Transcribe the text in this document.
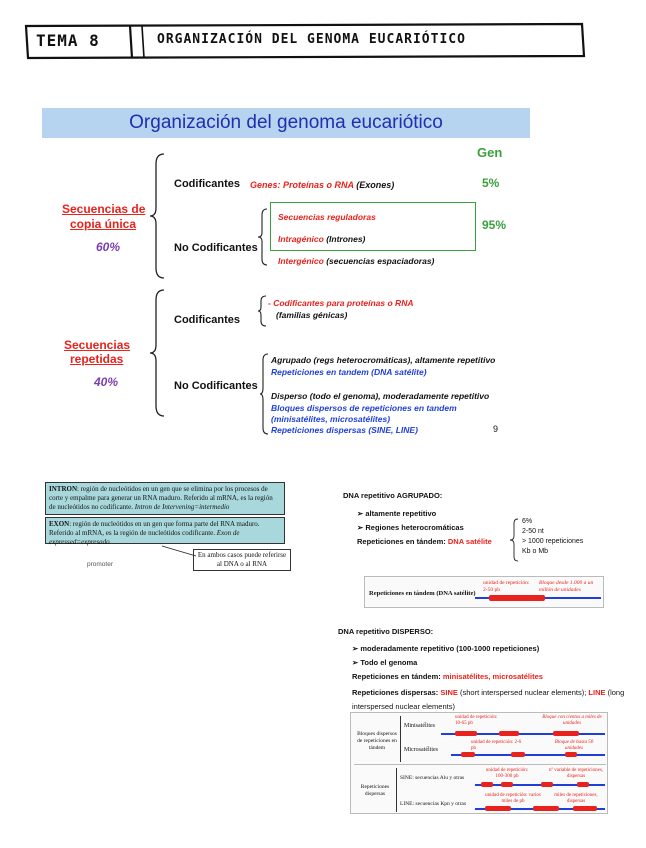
TEMA 8	ORGANIZACIÓN DEL GENOMA EUCARIÓTICO
Organización del genoma eucariótico
Gen
Secuencias de
copia única
60%
Codificantes Genes: Proteínas o RNA (Exones)	5%
No Codificantes
Secuencias reguladoras
Intragénico (Intrones)
Intergénico (secuencias espaciadoras)
95%
Secuencias
repetidas
40%
Codificantes
- Codificantes para proteínas o RNA
(familias génicas)
No Codificantes
Agrupado (regs heterocromáticas), altamente repetitivo
Repeticiones en tandem (DNA satélite)
Disperso (todo el genoma), moderadamente repetitivo
Bloques dispersos de repeticiones en tandem
(minisatélites, microsatélites)
Repeticiones dispersas (SINE, LINE)	9
INTRON: región de nucleótidos en un gen que se elimina por los procesos de corte y empalme para generar un RNA maduro. Referido al mRNA, es la región de nucleótidos no codificante. Intron de Intervening=intermedio
EXON: región de nucleótidos en un gen que forma parte del RNA maduro. Referido al mRNA, es la región de nucleótidos codificante. Exon de expressed=expresado
En ambos casos puede referirse al DNA o al RNA
promoter
DNA repetitivo AGRUPADO:
➢ altamente repetitivo
➢ Regiones heterocromáticas
Repeticiones en tándem: DNA satélite
6%
2-50 nt
> 1000 repeticiones
Kb o Mb
Repeticiones en tándem (DNA satélite)
unidad de repetición: 2-50 pb
Bloque desde 1.000 a un millón de unidades
DNA repetitivo DISPERSO:
➢ moderadamente repetitivo (100-1000 repeticiones)
➢ Todo el genoma
Repeticiones en tándem: minisatélites, microsatélites
Repeticiones dispersas: SINE (short interspersed nuclear elements); LINE (long interspersed nuclear elements)
Bloques dispersos de repeticiones en tándem
Minisatélites
unidad de repetición: 10-65 pb
Bloque con cientos a miles de unidades
Microsatélites
unidad de repetición: 2-6 pb
Bloque de hasta 50 unidades
Repeticiones dispersas
SINE: secuencias Alu y otras
unidad de repetición: 100-300 pb
nº variable de repeticiones, dispersas
LINE: secuencias Kpn y otras
unidad de repetición: varios miles de pb
miles de repeticiones, dispersas
